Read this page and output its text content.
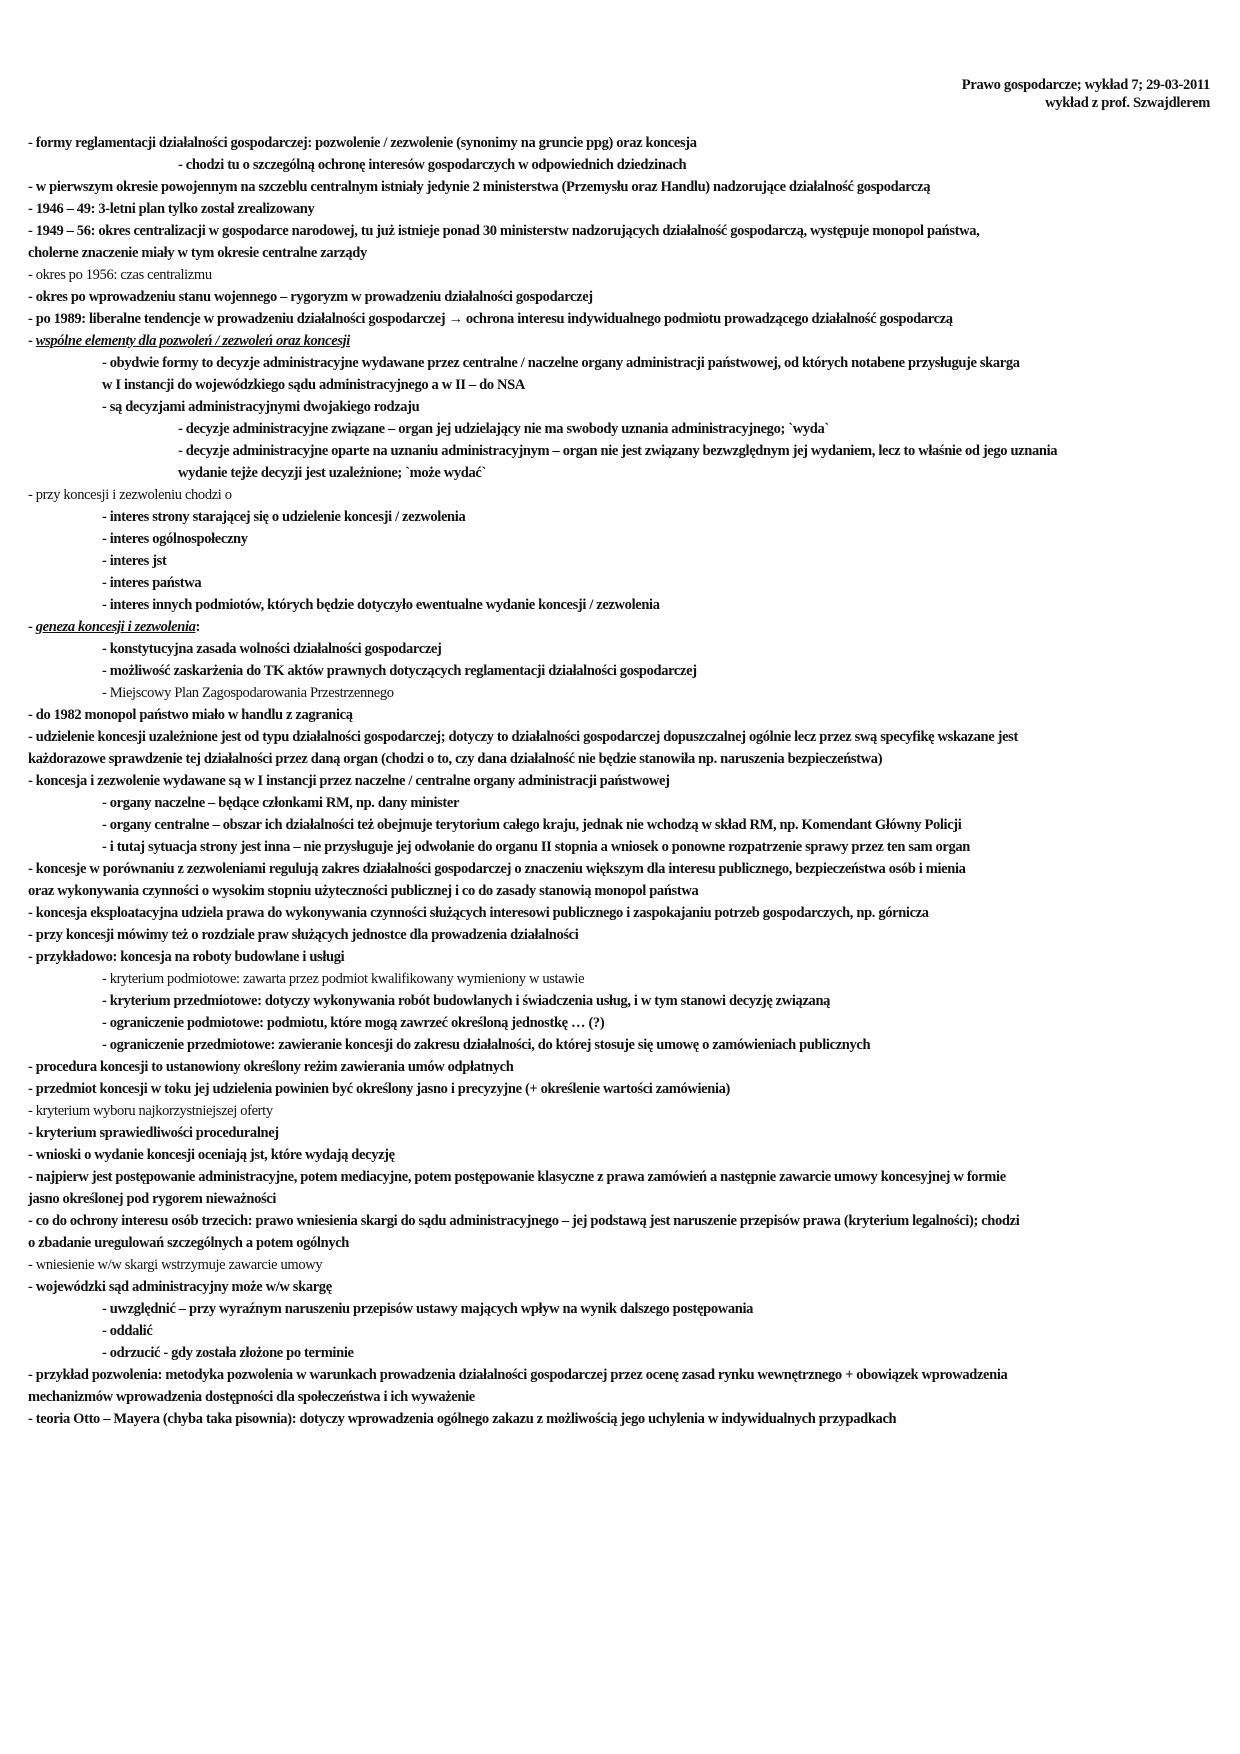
Prawo gospodarcze; wykład 7; 29-03-2011
wykład z prof. Szwajdlerem
- formy reglamentacji działalności gospodarczej: pozwolenie / zezwolenie (synonimy na gruncie ppg) oraz koncesja
- chodzi tu o szczególną ochronę interesów gospodarczych w odpowiednich dziedzinach
- w pierwszym okresie powojennym na szczeblu centralnym istniały jedynie 2 ministerstwa (Przemysłu oraz Handlu) nadzorujące działalność gospodarczą
- 1946 – 49: 3-letni plan tylko został zrealizowany
- 1949 – 56: okres centralizacji w gospodarce narodowej, tu już istnieje ponad 30 ministerstw nadzorujących działalność gospodarczą, występuje monopol państwa,
cholerne znaczenie miały w tym okresie centralne zarządy
- okres po 1956: czas centralizmu
- okres po wprowadzeniu stanu wojennego – rygoryzm w prowadzeniu działalności gospodarczej
- po 1989: liberalne tendencje w prowadzeniu działalności gospodarczej → ochrona interesu indywidualnego podmiotu prowadzącego działalność gospodarczą
- wspólne elementy dla pozwoleń / zezwoleń oraz koncesji
- obydwie formy to decyzje administracyjne wydawane przez centralne / naczelne organy administracji państwowej, od których notabene przysługuje skarga
w I instancji do wojewódzkiego sądu administracyjnego a w II – do NSA
- są decyzjami administracyjnymi dwojakiego rodzaju
- decyzje administracyjne związane – organ jej udzielający nie ma swobody uznania administracyjnego; `wyda`
- decyzje administracyjne oparte na uznaniu administracyjnym – organ nie jest związany bezwzględnym jej wydaniem, lecz to właśnie od jego uznania
wydanie tejże decyzji jest uzależnione; `może wydać`
- przy koncesji i zezwoleniu chodzi o
- interes strony starającej się o udzielenie koncesji / zezwolenia
- interes ogólnospołeczny
- interes jst
- interes państwa
- interes innych podmiotów, których będzie dotyczyło ewentualne wydanie koncesji / zezwolenia
- geneza koncesji i zezwolenia:
- konstytucyjna zasada wolności działalności gospodarczej
- możliwość zaskarżenia do TK aktów prawnych dotyczących reglamentacji działalności gospodarczej
- Miejscowy Plan Zagospodarowania Przestrzennego
- do 1982 monopol państwo miało w handlu z zagranicą
- udzielenie koncesji uzależnione jest od typu działalności gospodarczej; dotyczy to działalności gospodarczej dopuszczalnej ogólnie lecz przez swą specyfikę wskazane jest
każdorazowe sprawdzenie tej działalności przez daną organ (chodzi o to, czy dana działalność nie będzie stanowiła np. naruszenia bezpieczeństwa)
- koncesja i zezwolenie wydawane są w I instancji przez naczelne / centralne organy administracji państwowej
- organy naczelne – będące członkami RM, np. dany minister
- organy centralne – obszar ich działalności też obejmuje terytorium całego kraju, jednak nie wchodzą w skład RM, np. Komendant Główny Policji
- i tutaj sytuacja strony jest inna – nie przysługuje jej odwołanie do organu II stopnia a wniosek o ponowne rozpatrzenie sprawy przez ten sam organ
- koncesje w porównaniu z zezwoleniami regulują zakres działalności gospodarczej o znaczeniu większym dla interesu publicznego, bezpieczeństwa osób i mienia
oraz wykonywania czynności o wysokim stopniu użyteczności publicznej i co do zasady stanowią monopol państwa
- koncesja eksploatacyjna udziela prawa do wykonywania czynności służących interesowi publicznego i zaspokajaniu potrzeb gospodarczych, np. górnicza
- przy koncesji mówimy też o rozdziale praw służących jednostce dla prowadzenia działalności
- przykładowo: koncesja na roboty budowlane i usługi
- kryterium podmiotowe: zawarta przez podmiot kwalifikowany wymieniony w ustawie
- kryterium przedmiotowe: dotyczy wykonywania robót budowlanych i świadczenia usług, i w tym stanowi decyzję związaną
- ograniczenie podmiotowe: podmiotu, które mogą zawrzeć określoną jednostkę … (?)
- ograniczenie przedmiotowe: zawieranie koncesji do zakresu działalności, do której stosuje się umowę o zamówieniach publicznych
- procedura koncesji to ustanowiony określony reżim zawierania umów odpłatnych
- przedmiot koncesji w toku jej udzielenia powinien być określony jasno i precyzyjne (+ określenie wartości zamówienia)
- kryterium wyboru najkorzystniejszej oferty
- kryterium sprawiedliwości proceduralnej
- wnioski o wydanie koncesji oceniają jst, które wydają decyzję
- najpierw jest postępowanie administracyjne, potem mediacyjne, potem postępowanie klasyczne z prawa zamówień a następnie zawarcie umowy koncesyjnej w formie
jasno określonej pod rygorem nieważności
- co do ochrony interesu osób trzecich: prawo wniesienia skargi do sądu administracyjnego – jej podstawą jest naruszenie przepisów prawa (kryterium legalności); chodzi
o zbadanie uregulowań szczególnych a potem ogólnych
- wniesienie w/w skargi wstrzymuje zawarcie umowy
- wojewódzki sąd administracyjny może w/w skargę
- uwzględnić – przy wyraźnym naruszeniu przepisów ustawy mających wpływ na wynik dalszego postępowania
- oddalić
- odrzucić - gdy została złożone po terminie
- przykład pozwolenia: metodyka pozwolenia w warunkach prowadzenia działalności gospodarczej przez ocenę zasad rynku wewnętrznego + obowiązek wprowadzenia
mechanizmów wprowadzenia dostępności dla społeczeństwa i ich wyważenie
- teoria Otto – Mayera (chyba taka pisownia): dotyczy wprowadzenia ogólnego zakazu z możliwością jego uchylenia w indywidualnych przypadkach
